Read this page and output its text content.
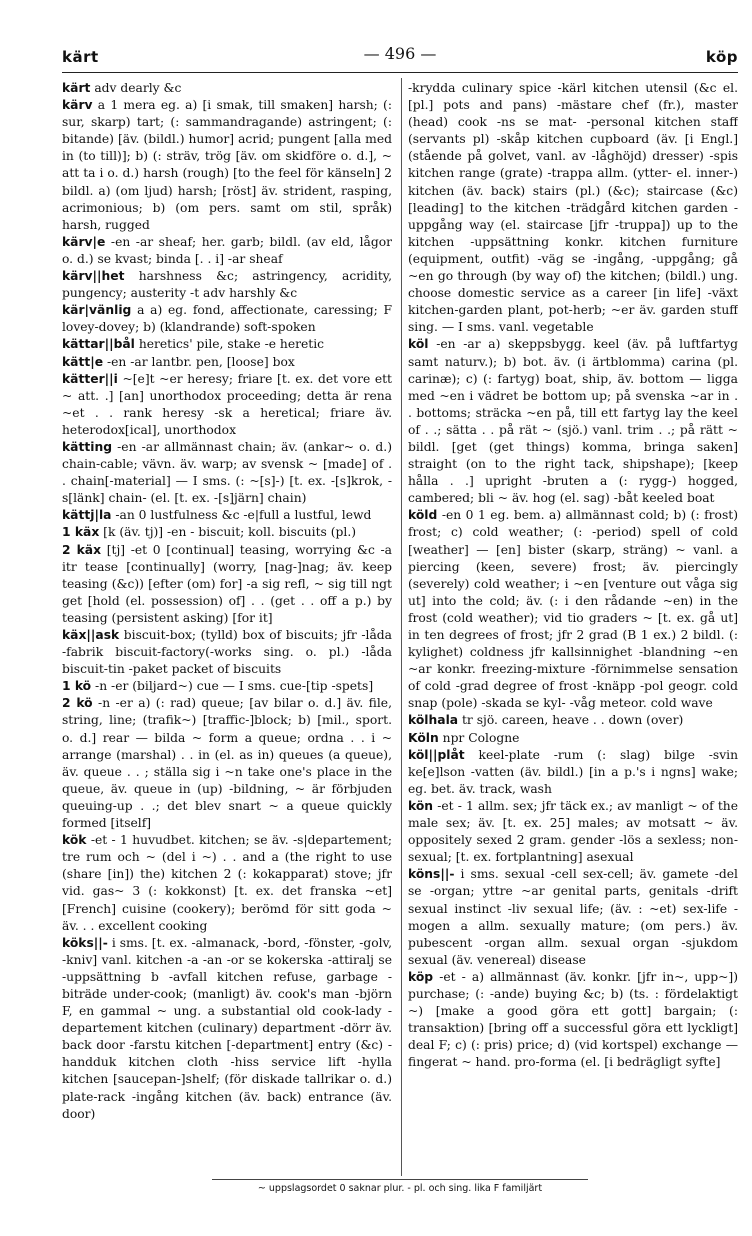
kärt	— 496 —	köp

kärt adv dearly &c

kärv a 1 mera eg. a) [i smak, till smaken] harsh; (: sur, skarp) tart; (: sammandragande) astringent; (: bitande) [äv. (bildl.) humor] acrid; pungent [alla med in (to till)]; b) (: sträv, trög [äv. om skidföre o. d.], ~ att ta i o. d.) harsh (rough) [to the feel för känseln] 2 bildl. a) (om ljud) harsh; [röst] äv. strident, rasping, acrimonious; b) (om pers. samt om stil, språk) harsh, rugged

kärv|e -en -ar sheaf; her. garb; bildl. (av eld, lågor o. d.) se kvast; binda [. . i] -ar sheaf

kärv||het harshness &c; astringency, acridity, pungency; austerity -t adv harshly &c

kär|vänlig a a) eg. fond, affectionate, caressing; F lovey-dovey; b) (klandrande) soft-spoken

kättar||bål heretics' pile, stake -e heretic

kätt|e -en -ar lantbr. pen, [loose] box

kätter||i ~[e]t ~er heresy; friare [t. ex. det vore ett ~ att. .] [an] unorthodox proceeding; detta är rena ~et . . rank heresy -sk a heretical; friare äv. heterodox[ical], unorthodox

kätting -en -ar allmännast chain; äv. (ankar~ o. d.) chain-cable; vävn. äv. warp; av svensk ~ [made] of . . chain[-material] — I sms. (: ~[s]-) [t. ex. -[s]krok, -s[länk] chain- (el. [t. ex. -[s]järn] chain)

kättj|la -an 0 lustfulness &c -e|full a lustful, lewd

1 käx [k (äv. tj)] -en - biscuit; koll. biscuits (pl.)

2 käx [tj] -et 0 [continual] teasing, worrying &c -a itr tease [continually] (worry, [nag-]nag; äv. keep teasing (&c)) [efter (om) for] -a sig refl, ~ sig till ngt get [hold (el. possession) of] . . (get . . off a p.) by teasing (persistent asking) [for it]

käx||ask biscuit-box; (tylld) box of biscuits; jfr -låda -fabrik biscuit-factory(-works sing. o. pl.) -låda biscuit-tin -paket packet of biscuits

1 kö -n -er (biljard~) cue — I sms. cue-[tip -spets]

2 kö -n -er a) (: rad) queue; [av bilar o. d.] äv. file, string, line; (trafik~) [traffic-]block; b) [mil., sport. o. d.] rear — bilda ~ form a queue; ordna . . i ~ arrange (marshal) . . in (el. as in) queues (a queue), äv. queue . . ; ställa sig i ~n take one's place in the queue, äv. queue in (up) -bildning, ~ är förbjuden queuing-up . .; det blev snart ~ a queue quickly formed [itself]

kök -et - 1 huvudbet. kitchen; se äv. -s|departement; tre rum och ~ (del i ~) . . and a (the right to use (share [in]) the) kitchen 2 (: kokapparat) stove; jfr vid. gas~ 3 (: kokkonst) [t. ex. det franska ~et] [French] cuisine (cookery); berömd för sitt goda ~ äv. . . excellent cooking

köks||- i sms. [t. ex. -almanack, -bord, -fönster, -golv, -kniv] vanl. kitchen -a -an -or se kokerska -attiralj se -uppsättning b -avfall kitchen refuse, garbage -biträde under-cook; (manligt) äv. cook's man -björn F, en gammal ~ ung. a substantial old cook-lady -departement kitchen (culinary) department -dörr äv. back door -farstu kitchen [-department] entry (&c) -handduk kitchen cloth -hiss service lift -hylla kitchen [saucepan-]shelf; (för diskade tallrikar o. d.) plate-rack -ingång kitchen (äv. back) entrance (äv. door)

-krydda culinary spice -kärl kitchen utensil (&c el. [pl.] pots and pans) -mästare chef (fr.), master (head) cook -ns se mat- -personal kitchen staff (servants pl) -skåp kitchen cupboard (äv. [i Engl.] (stående på golvet, vanl. av -låghöjd) dresser) -spis kitchen range (grate) -trappa allm. (ytter- el. inner-) kitchen (äv. back) stairs (pl.) (&c); staircase (&c) [leading] to the kitchen -trädgård kitchen garden -uppgång way (el. staircase [jfr -truppa]) up to the kitchen -uppsättning konkr. kitchen furniture (equipment, outfit) -väg se -ingång, -uppgång; gå ~en go through (by way of) the kitchen; (bildl.) ung. choose domestic service as a career [in life] -växt kitchen-garden plant, pot-herb; ~er äv. garden stuff sing. — I sms. vanl. vegetable

köl -en -ar a) skeppsbygg. keel (äv. på luftfartyg samt naturv.); b) bot. äv. (i ärtblomma) carina (pl. carinæ); c) (: fartyg) boat, ship, äv. bottom — ligga med ~en i vädret be bottom up; på svenska ~ar in . . bottoms; sträcka ~en på, till ett fartyg lay the keel of . .; sätta . . på rät ~ (sjö.) vanl. trim . .; på rätt ~ bildl. [get (get things) komma, bringa saken] straight (on to the right tack, shipshape); [keep hålla . .] upright -bruten a (: rygg-) hogged, cambered; bli ~ äv. hog (el. sag) -båt keeled boat

köld -en 0 1 eg. bem. a) allmännast cold; b) (: frost) frost; c) cold weather; (: -period) spell of cold [weather] — [en] bister (skarp, sträng) ~ vanl. a piercing (keen, severe) frost; äv. piercingly (severely) cold weather; i ~en [venture out våga sig ut] into the cold; äv. (: i den rådande ~en) in the frost (cold weather); vid tio graders ~ [t. ex. gå ut] in ten degrees of frost; jfr 2 grad (B 1 ex.) 2 bildl. (: kylighet) coldness jfr kallsinnighet -blandning ~en ~ar konkr. freezing-mixture -förnimmelse sensation of cold -grad degree of frost -knäpp -pol geogr. cold snap (pole) -skada se kyl- -våg meteor. cold wave

kölhala tr sjö. careen, heave . . down (over)

Köln npr Cologne

köl||plåt keel-plate -rum (: slag) bilge -svin ke[e]lson -vatten (äv. bildl.) [in a p.'s i ngns] wake; eg. bet. äv. track, wash

kön -et - 1 allm. sex; jfr täck ex.; av manligt ~ of the male sex; äv. [t. ex. 25] males; av motsatt ~ äv. oppositely sexed 2 gram. gender -lös a sexless; non-sexual; [t. ex. fortplantning] asexual

köns||- i sms. sexual -cell sex-cell; äv. gamete -del se -organ; yttre ~ar genital parts, genitals -drift sexual instinct -liv sexual life; (äv. : ~et) sex-life -mogen a allm. sexually mature; (om pers.) äv. pubescent -organ allm. sexual organ -sjukdom sexual (äv. venereal) disease

köp -et - a) allmännast (äv. konkr. [jfr in~, upp~]) purchase; (: -ande) buying &c; b) (ts. : fördelaktigt ~) [make a good göra ett gott] bargain; (: transaktion) [bring off a successful göra ett lyckligt] deal F; c) (: pris) price; d) (vid kortspel) exchange — fingerat ~ hand. pro-forma (el. [i bedrägligt syfte]

~ uppslagsordet 0 saknar plur. - pl. och sing. lika F familjärt
